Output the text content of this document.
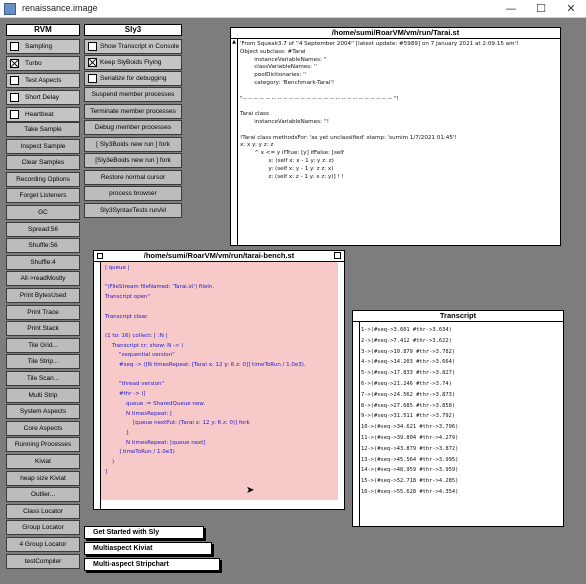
renaissance.image	—	☐	✕
RVM
Sampling
Turbo
Test Aspects
Short Delay
Heartbeat
Take Sample
Inspect Sample
Clear Samples
Recording Options
Forget Listeners
GC
Spread:56
Shuffle:56
Shuffle:4
All->readMostly
Print BytesUsed
Print Trace
Print Stack
Tile Grid...
Tile Strip...
Tile Scan...
Multi Strip
System Aspects
Core Aspects
Running Processes
Kiviat
heap size Kiviat
Outlier...
Class Locator
Group Locator
4 Group Locator
testCompiler
Sly3
Show Transcript in Console
Keep SlyBoids Flying
Serialize for debugging
Suspend member processes
Terminate member processes
Debug member processes
[ Sly3Boids new run ] fork
[Sly3eBoids new run ] fork
Restore normal cursor
process browser
Sly3SyntaxTests runAll
/home/sumi/RoarVM/vm/run/Tarai.st
▲ 'From Squeak3.7 of ''4 September 2004'' [latest update: #5989] on 7 January 2021 at 2:09:15 am'!
Object subclass: #Tarai
instanceVariableNames: ''
classVariableNames: ''
poolDictionaries: ''
category: 'Benchmark-Tarai'!

"-- -- -- -- -- -- -- -- -- -- -- -- -- -- -- -- -- -- -- -- -- -- -- -- -- -- "!

Tarai class
instanceVariableNames: ''!

!Tarai class methodsFor: 'as yet unclassified' stamp: 'sumim 1/7/2021 01:45'!
x: x y: y z: z
^ x <= y ifTrue: [y] ifFalse: [self
x: (self x: x - 1 y: y z: z)
y: (self x: y - 1 y: z z: x)
z: (self x: z - 1 y: x z: y)] ! !
/home/sumi/RoarVM/vm/run/tarai-bench.st
| queue |

"(FileStream fileNamed: 'Tarai.st') fileIn.
Transcript open"

Transcript clear.

(1 to: 16) collect: [ :N |
Transcript cr; show: N -> (
"sequential version"
#seq -> ([N timesRepeat: [Tarai x: 12 y: 6 z: 0]] timeToRun / 1.0e3).

"thread version"
#thr -> ([
queue := SharedQueue new.
N timesRepeat: [
[queue nextPut: (Tarai x: 12 y: 6 z: 0)] fork
].
N timesRepeat: [queue next]
] timeToRun / 1.0e3)
)
]
➤
Transcript
1->(#seq->3.601 #thr->3.634)
2->(#seq->7.412 #thr->3.622)
3->(#seq->10.879 #thr->3.782)
4->(#seq->14.203 #thr->3.664)
5->(#seq->17.833 #thr->3.827)
6->(#seq->21.246 #thr->3.74)
7->(#seq->24.562 #thr->3.873)
8->(#seq->27.685 #thr->3.858)
9->(#seq->31.511 #thr->3.792)
10->(#seq->34.621 #thr->3.796)
11->(#seq->39.804 #thr->4.279)
12->(#seq->43.879 #thr->3.872)
13->(#seq->45.564 #thr->3.995)
14->(#seq->48.959 #thr->3.959)
15->(#seq->52.718 #thr->4.285)
16->(#seq->55.628 #thr->4.354)
Get Started with Sly
Multiaspect Kiviat
Multi-aspect Stripchart
